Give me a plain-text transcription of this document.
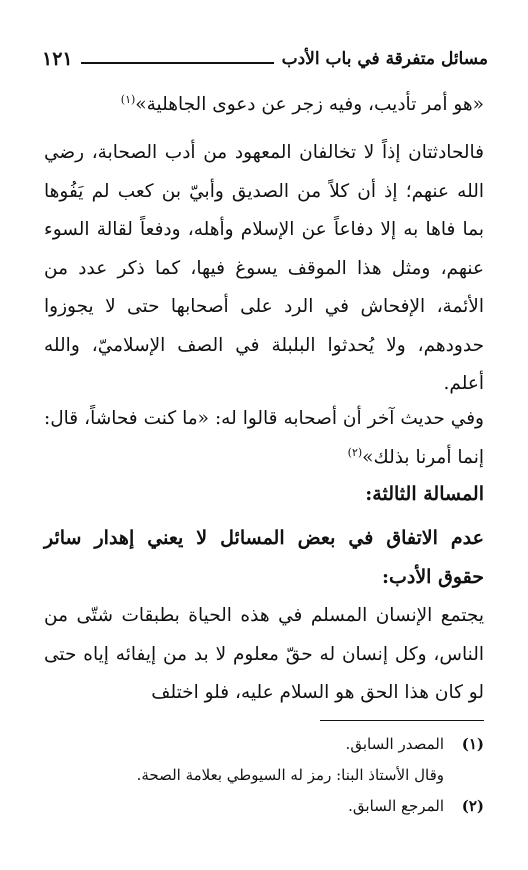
مسائل متفرقة في باب الأدب
١٢١
«هو أمر تأديب، وفيه زجر عن دعوى الجاهلية»$^{(١)}$
فالحادثتان إذاً لا تخالفان المعهود من أدب الصحابة، رضي الله عنهم؛ إذ أن كلاً من الصديق وأبيّ بن كعب لم يَفُوها بما فاها به إلا دفاعاً عن الإسلام وأهله، ودفعاً لقالة السوء عنهم، ومثل هذا الموقف يسوغ فيها، كما ذكر عدد من الأئمة، الإفحاش في الرد على أصحابها حتى لا يجوزوا حدودهم، ولا يُحدثوا البلبلة في الصف الإسلاميّ، والله أعلم.
وفي حديث آخر أن أصحابه قالوا له: «ما كنت فحاشاً، قال: إنما أمرنا بذلك»$^{(٢)}$
المسالة الثالثة:
عدم الاتفاق في بعض المسائل لا يعني إهدار سائر حقوق الأدب:
يجتمع الإنسان المسلم في هذه الحياة بطبقات شتّى من الناس، وكل إنسان له حقّ معلوم لا بد من إيفائه إياه حتى لو كان هذا الحق هو السلام عليه، فلو اختلف
(١)المصدر السابق.
وقال الأستاذ البنا: رمز له السيوطي بعلامة الصحة.
(٢)المرجع السابق.
